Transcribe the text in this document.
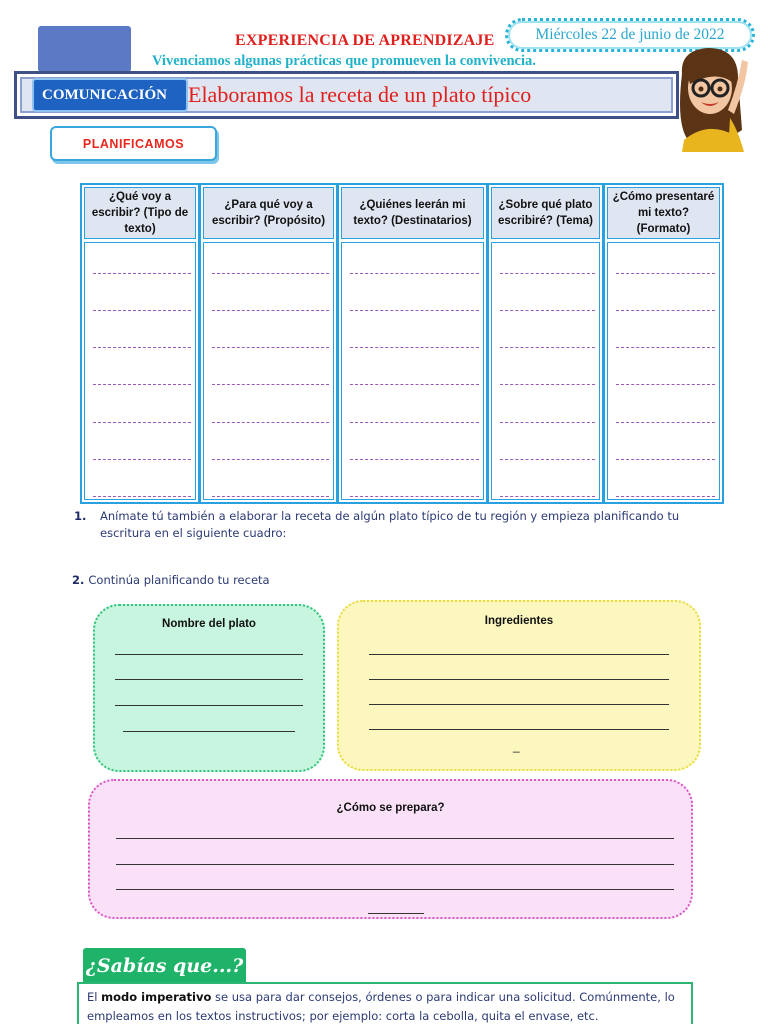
EXPERIENCIA DE APRENDIZAJE
Vivenciamos algunas prácticas que promueven la convivencia.
Miércoles 22 de junio de 2022
COMUNICACIÓN Elaboramos la receta de un plato típico
PLANIFICAMOS
¿Qué voy a escribir? (Tipo de texto)
¿Para qué voy a escribir? (Propósito)
¿Quiénes leerán mi texto? (Destinatarios)
¿Sobre qué plato escribiré? (Tema)
¿Cómo presentaré mi texto? (Formato)
1.	Anímate tú también a elaborar la receta de algún plato típico de tu región y empieza planificando tu escritura en el siguiente cuadro:
2. Continúa planificando tu receta
Nombre del plato	Ingredientes
_
¿Cómo se prepara?
¿Sabías que...?
El modo imperativo se usa para dar consejos, órdenes o para indicar una solicitud. Comúnmente, lo empleamos en los textos instructivos; por ejemplo: corta la cebolla, quita el envase, etc.
